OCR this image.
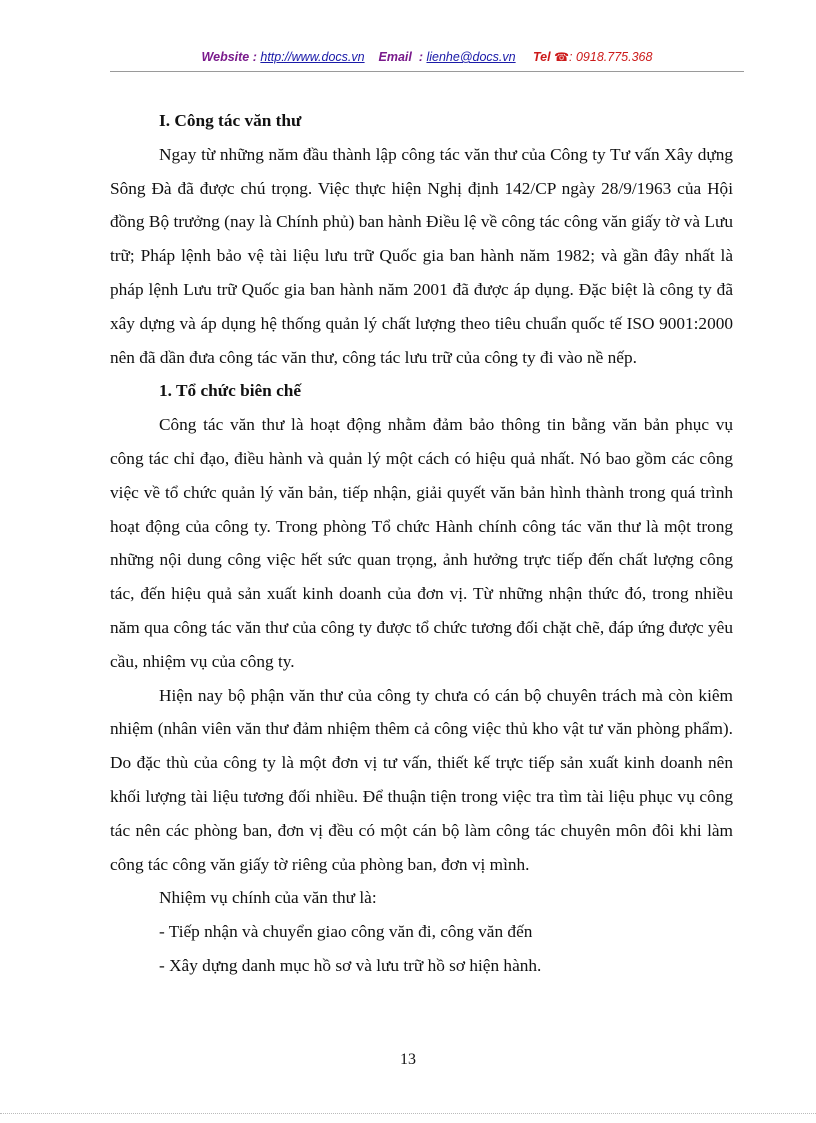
Website : http://www.docs.vn Email : lienhe@docs.vn Tel ☎: 0918.775.368

I. Công tác văn thư

Ngay từ những năm đầu thành lập công tác văn thư của Công ty Tư vấn Xây dựng Sông Đà đã được chú trọng. Việc thực hiện Nghị định 142/CP ngày 28/9/1963 của Hội đồng Bộ trưởng (nay là Chính phủ) ban hành Điều lệ về công tác công văn giấy tờ và Lưu trữ; Pháp lệnh bảo vệ tài liệu lưu trữ Quốc gia ban hành năm 1982; và gần đây nhất là pháp lệnh Lưu trữ Quốc gia ban hành năm 2001 đã được áp dụng. Đặc biệt là công ty đã xây dựng và áp dụng hệ thống quản lý chất lượng theo tiêu chuẩn quốc tế ISO 9001:2000 nên đã dần đưa công tác văn thư, công tác lưu trữ của công ty đi vào nề nếp.

1. Tổ chức biên chế

Công tác văn thư là hoạt động nhằm đảm bảo thông tin bằng văn bản phục vụ công tác chỉ đạo, điều hành và quản lý một cách có hiệu quả nhất. Nó bao gồm các công việc về tổ chức quản lý văn bản, tiếp nhận, giải quyết văn bản hình thành trong quá trình hoạt động của công ty. Trong phòng Tổ chức Hành chính công tác văn thư là một trong những nội dung công việc hết sức quan trọng, ảnh hưởng trực tiếp đến chất lượng công tác, đến hiệu quả sản xuất kinh doanh của đơn vị. Từ những nhận thức đó, trong nhiều năm qua công tác văn thư của công ty được tổ chức tương đối chặt chẽ, đáp ứng được yêu cầu, nhiệm vụ của công ty.

Hiện nay bộ phận văn thư của công ty chưa có cán bộ chuyên trách mà còn kiêm nhiệm (nhân viên văn thư đảm nhiệm thêm cả công việc thủ kho vật tư văn phòng phẩm). Do đặc thù của công ty là một đơn vị tư vấn, thiết kế trực tiếp sản xuất kinh doanh nên khối lượng tài liệu tương đối nhiều. Để thuận tiện trong việc tra tìm tài liệu phục vụ công tác nên các phòng ban, đơn vị đều có một cán bộ làm công tác chuyên môn đôi khi làm công tác công văn giấy tờ riêng của phòng ban, đơn vị mình.

Nhiệm vụ chính của văn thư là:

- Tiếp nhận và chuyển giao công văn đi, công văn đến

- Xây dựng danh mục hồ sơ và lưu trữ hồ sơ hiện hành.

13
